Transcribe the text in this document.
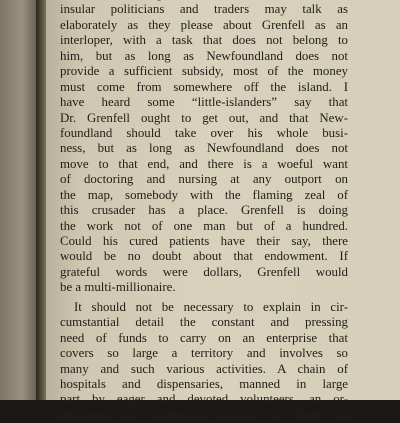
insular politicians and traders may talk as
elaborately as they please about Grenfell as an
interloper, with a task that does not belong to
him, but as long as Newfoundland does not
provide a sufficient subsidy, most of the money
must come from somewhere off the island. I
have heard some “little-islanders” say that
Dr. Grenfell ought to get out, and that New-
foundland should take over his whole busi-
ness, but as long as Newfoundland does not
move to that end, and there is a woeful want
of doctoring and nursing at any outport on
the map, somebody with the flaming zeal of
this crusader has a place. Grenfell is doing
the work not of one man but of a hundred.
Could his cured patients have their say, there
would be no doubt about that endowment. If
grateful words were dollars, Grenfell would
be a multi-millionaire.
It should not be necessary to explain in cir-
cumstantial detail the constant and pressing
need of funds to carry on an enterprise that
covers so large a territory and involves so
many and such various activities. A chain of
hospitals and dispensaries, manned in large
part by eager and devoted volunteers, an or-
phanage, an industrial school, a fleet of
